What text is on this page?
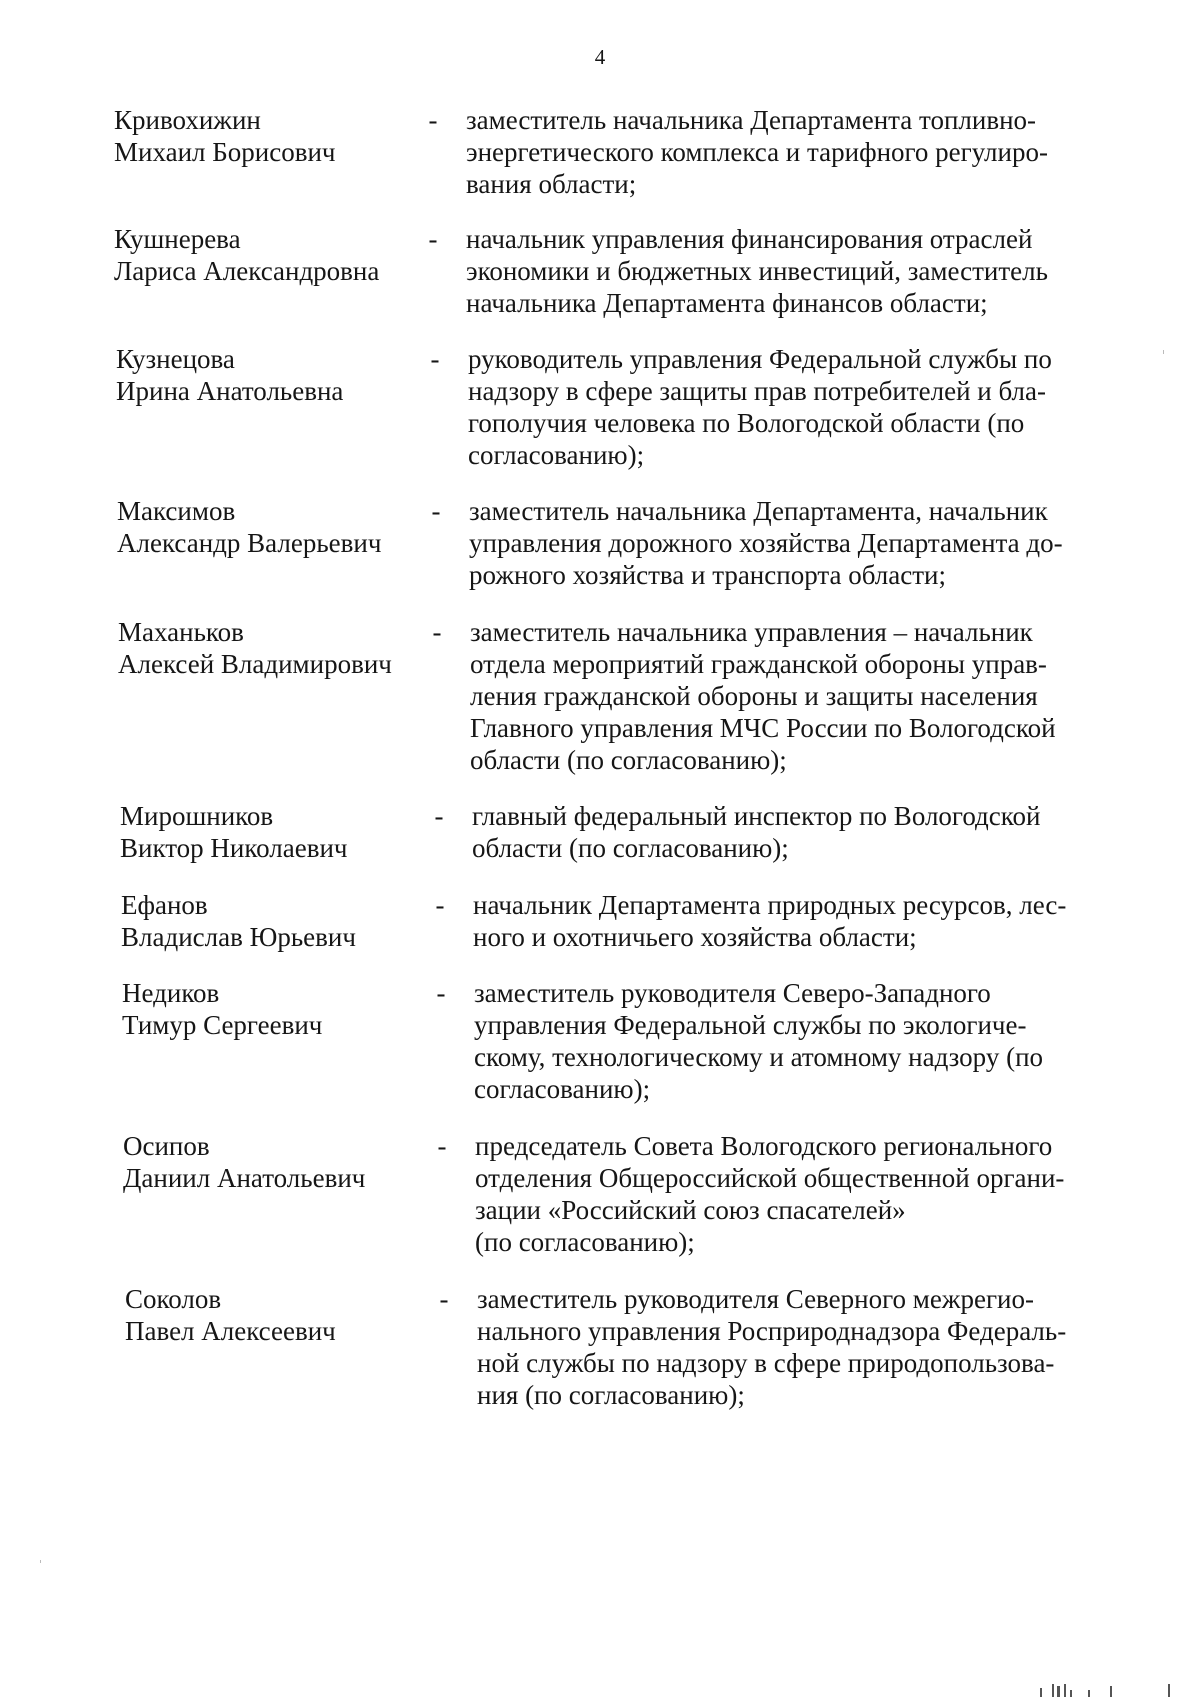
4
Кривохижин
Михаил Борисович
- заместитель начальника Департамента топливно-
энергетического комплекса и тарифного регулиро-
вания области;
Кушнерева
Лариса Александровна
- начальник управления финансирования отраслей
экономики и бюджетных инвестиций, заместитель
начальника Департамента финансов области;
Кузнецова
Ирина Анатольевна
- руководитель управления Федеральной службы по
надзору в сфере защиты прав потребителей и бла-
гополучия человека по Вологодской области (по
согласованию);
Максимов
Александр Валерьевич
- заместитель начальника Департамента, начальник
управления дорожного хозяйства Департамента до-
рожного хозяйства и транспорта области;
Маханьков
Алексей Владимирович
- заместитель начальника управления – начальник
отдела мероприятий гражданской обороны управ-
ления гражданской обороны и защиты населения
Главного управления МЧС России по Вологодской
области (по согласованию);
Мирошников
Виктор Николаевич
- главный федеральный инспектор по Вологодской
области (по согласованию);
Ефанов
Владислав Юрьевич
- начальник Департамента природных ресурсов, лес-
ного и охотничьего хозяйства области;
Недиков
Тимур Сергеевич
- заместитель руководителя Северо-Западного
управления Федеральной службы по экологиче-
скому, технологическому и атомному надзору (по
согласованию);
Осипов
Даниил Анатольевич
- председатель Совета Вологодского регионального
отделения Общероссийской общественной органи-
зации «Российский союз спасателей»
(по согласованию);
Соколов
Павел Алексеевич
- заместитель руководителя Северного межрегио-
нального управления Росприроднадзора Федераль-
ной службы по надзору в сфере природопользова-
ния (по согласованию);
